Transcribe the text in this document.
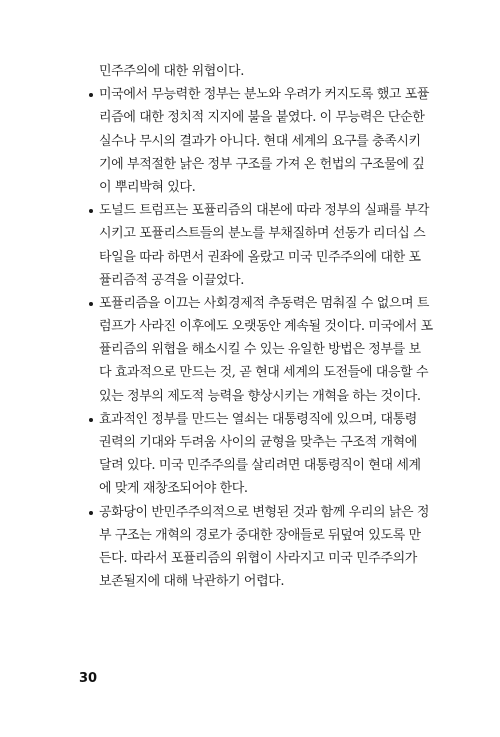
민주주의에 대한 위협이다.
미국에서 무능력한 정부는 분노와 우려가 커지도록 했고 포퓰
리즘에 대한 정치적 지지에 불을 붙였다. 이 무능력은 단순한
실수나 무시의 결과가 아니다. 현대 세계의 요구를 충족시키
기에 부적절한 낡은 정부 구조를 가져 온 헌법의 구조물에 깊
이 뿌리박혀 있다.
도널드 트럼프는 포퓰리즘의 대본에 따라 정부의 실패를 부각
시키고 포퓰리스트들의 분노를 부채질하며 선동가 리더십 스
타일을 따라 하면서 권좌에 올랐고 미국 민주주의에 대한 포
퓰리즘적 공격을 이끌었다.
포퓰리즘을 이끄는 사회경제적 추동력은 멈춰질 수 없으며 트
럼프가 사라진 이후에도 오랫동안 계속될 것이다. 미국에서 포
퓰리즘의 위협을 해소시킬 수 있는 유일한 방법은 정부를 보
다 효과적으로 만드는 것, 곧 현대 세계의 도전들에 대응할 수
있는 정부의 제도적 능력을 향상시키는 개혁을 하는 것이다.
효과적인 정부를 만드는 열쇠는 대통령직에 있으며, 대통령
권력의 기대와 두려움 사이의 균형을 맞추는 구조적 개혁에
달려 있다. 미국 민주주의를 살리려면 대통령직이 현대 세계
에 맞게 재창조되어야 한다.
공화당이 반민주주의적으로 변형된 것과 함께 우리의 낡은 정
부 구조는 개혁의 경로가 중대한 장애들로 뒤덮여 있도록 만
든다. 따라서 포퓰리즘의 위협이 사라지고 미국 민주주의가
보존될지에 대해 낙관하기 어렵다.
30
